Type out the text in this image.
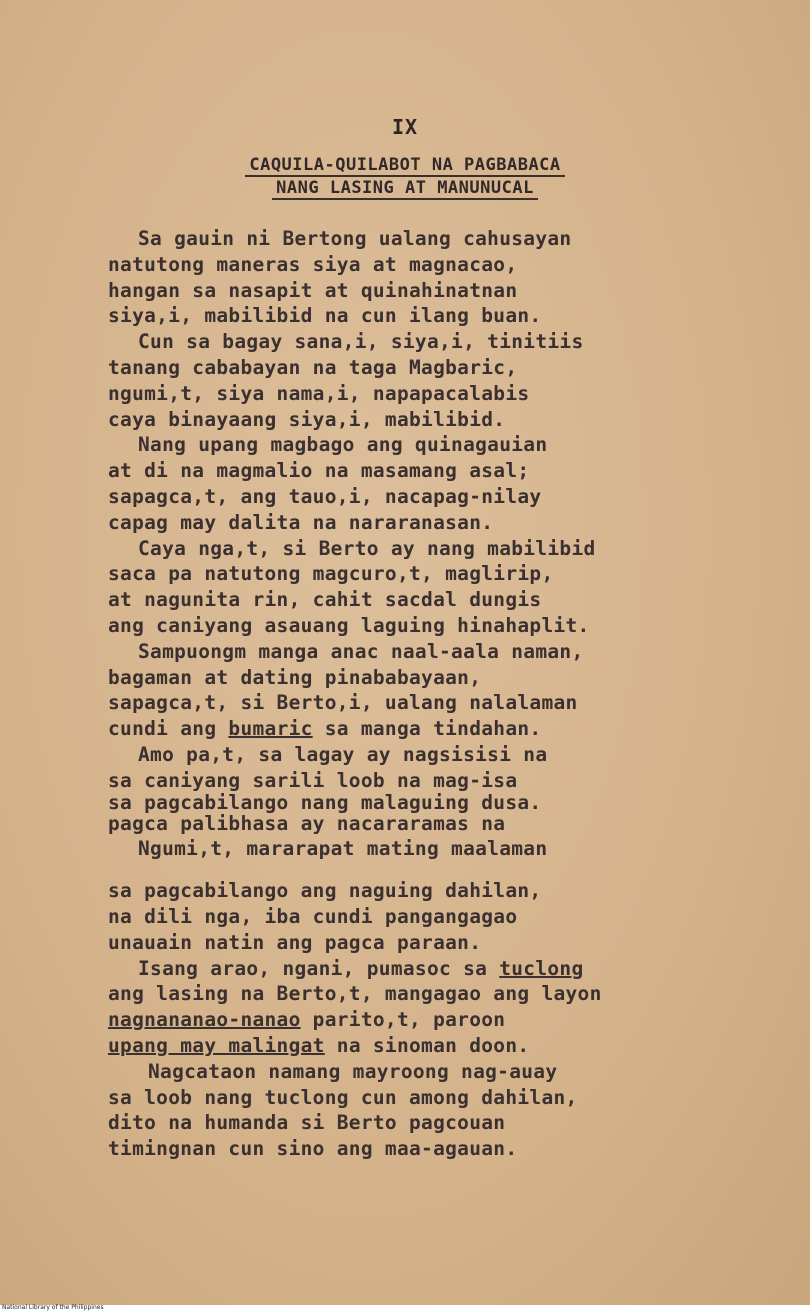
IX
CAQUILA-QUILABOT NA PAGBABACA
NANG LASING AT MANUNUCAL
Sa gauin ni Bertong ualang cahusayan
natutong maneras siya at magnacao,
hangan sa nasapit at quinahinatnan
siya,i, mabilibid na cun ilang buan.
Cun sa bagay sana,i, siya,i, tinitiis
tanang cababayan na taga Magbaric,
ngumi,t, siya nama,i, napapacalabis
caya binayaang siya,i, mabilibid.
Nang upang magbago ang quinagauian
at di na magmalio na masamang asal;
sapagca,t, ang tauo,i, nacapag-nilay
capag may dalita na nararanasan.
Caya nga,t, si Berto ay nang mabilibid
saca pa natutong magcuro,t, maglirip,
at nagunita rin, cahit sacdal dungis
ang caniyang asauang laguing hinahaplit.
Sampuongm manga anac naal-aala naman,
bagaman at dating pinababayaan,
sapagca,t, si Berto,i, ualang nalalaman
cundi ang bumaric sa manga tindahan.
Amo pa,t, sa lagay ay nagsisisi na
sa caniyang sarili loob na mag-isa
sa pagcabilango nang malaguing dusa.
pagca palibhasa ay nacararamas na
Ngumi,t, mararapat mating maalaman
sa pagcabilango ang naguing dahilan,
na dili nga, iba cundi pangangagao
unauain natin ang pagca paraan.
Isang arao, ngani, pumasoc sa tuclong
ang lasing na Berto,t, mangagao ang layon
nagnananao-nanao parito,t, paroon
upang may malingat na sinoman doon.
Nagcataon namang mayroong nag-auay
sa loob nang tuclong cun among dahilan,
dito na humanda si Berto pagcouan
timingnan cun sino ang maa-agauan.
National Library of the Philippines
